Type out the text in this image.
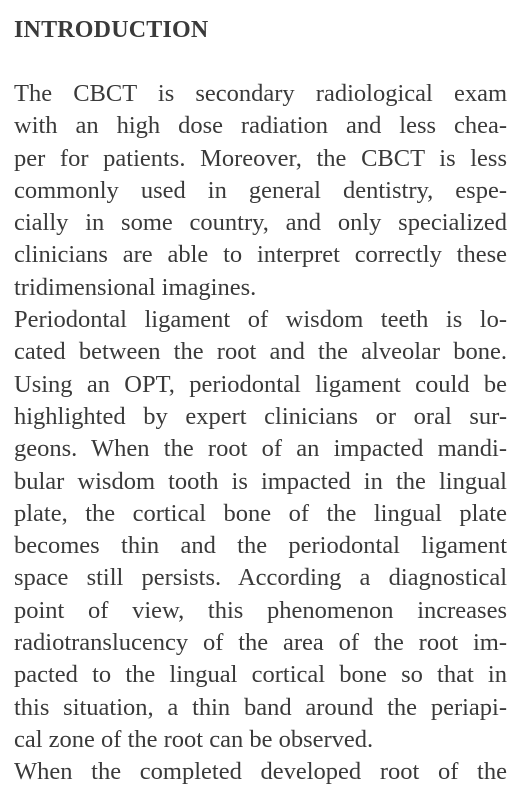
INTRODUCTION
The CBCT is secondary radiological exam
with an high dose radiation and less chea-
per for patients. Moreover, the CBCT is less
commonly used in general dentistry, espe-
cially in some country, and only specialized
clinicians are able to interpret correctly these
tridimensional imagines.
Periodontal ligament of wisdom teeth is lo-
cated between the root and the alveolar bone.
Using an OPT, periodontal ligament could be
highlighted by expert clinicians or oral sur-
geons. When the root of an impacted mandi-
bular wisdom tooth is impacted in the lingual
plate, the cortical bone of the lingual plate
becomes thin and the periodontal ligament
space still persists. According a diagnostical
point of view, this phenomenon increases
radiotranslucency of the area of the root im-
pacted to the lingual cortical bone so that in
this situation, a thin band around the periapi-
cal zone of the root can be observed.
When the completed developed root of the
